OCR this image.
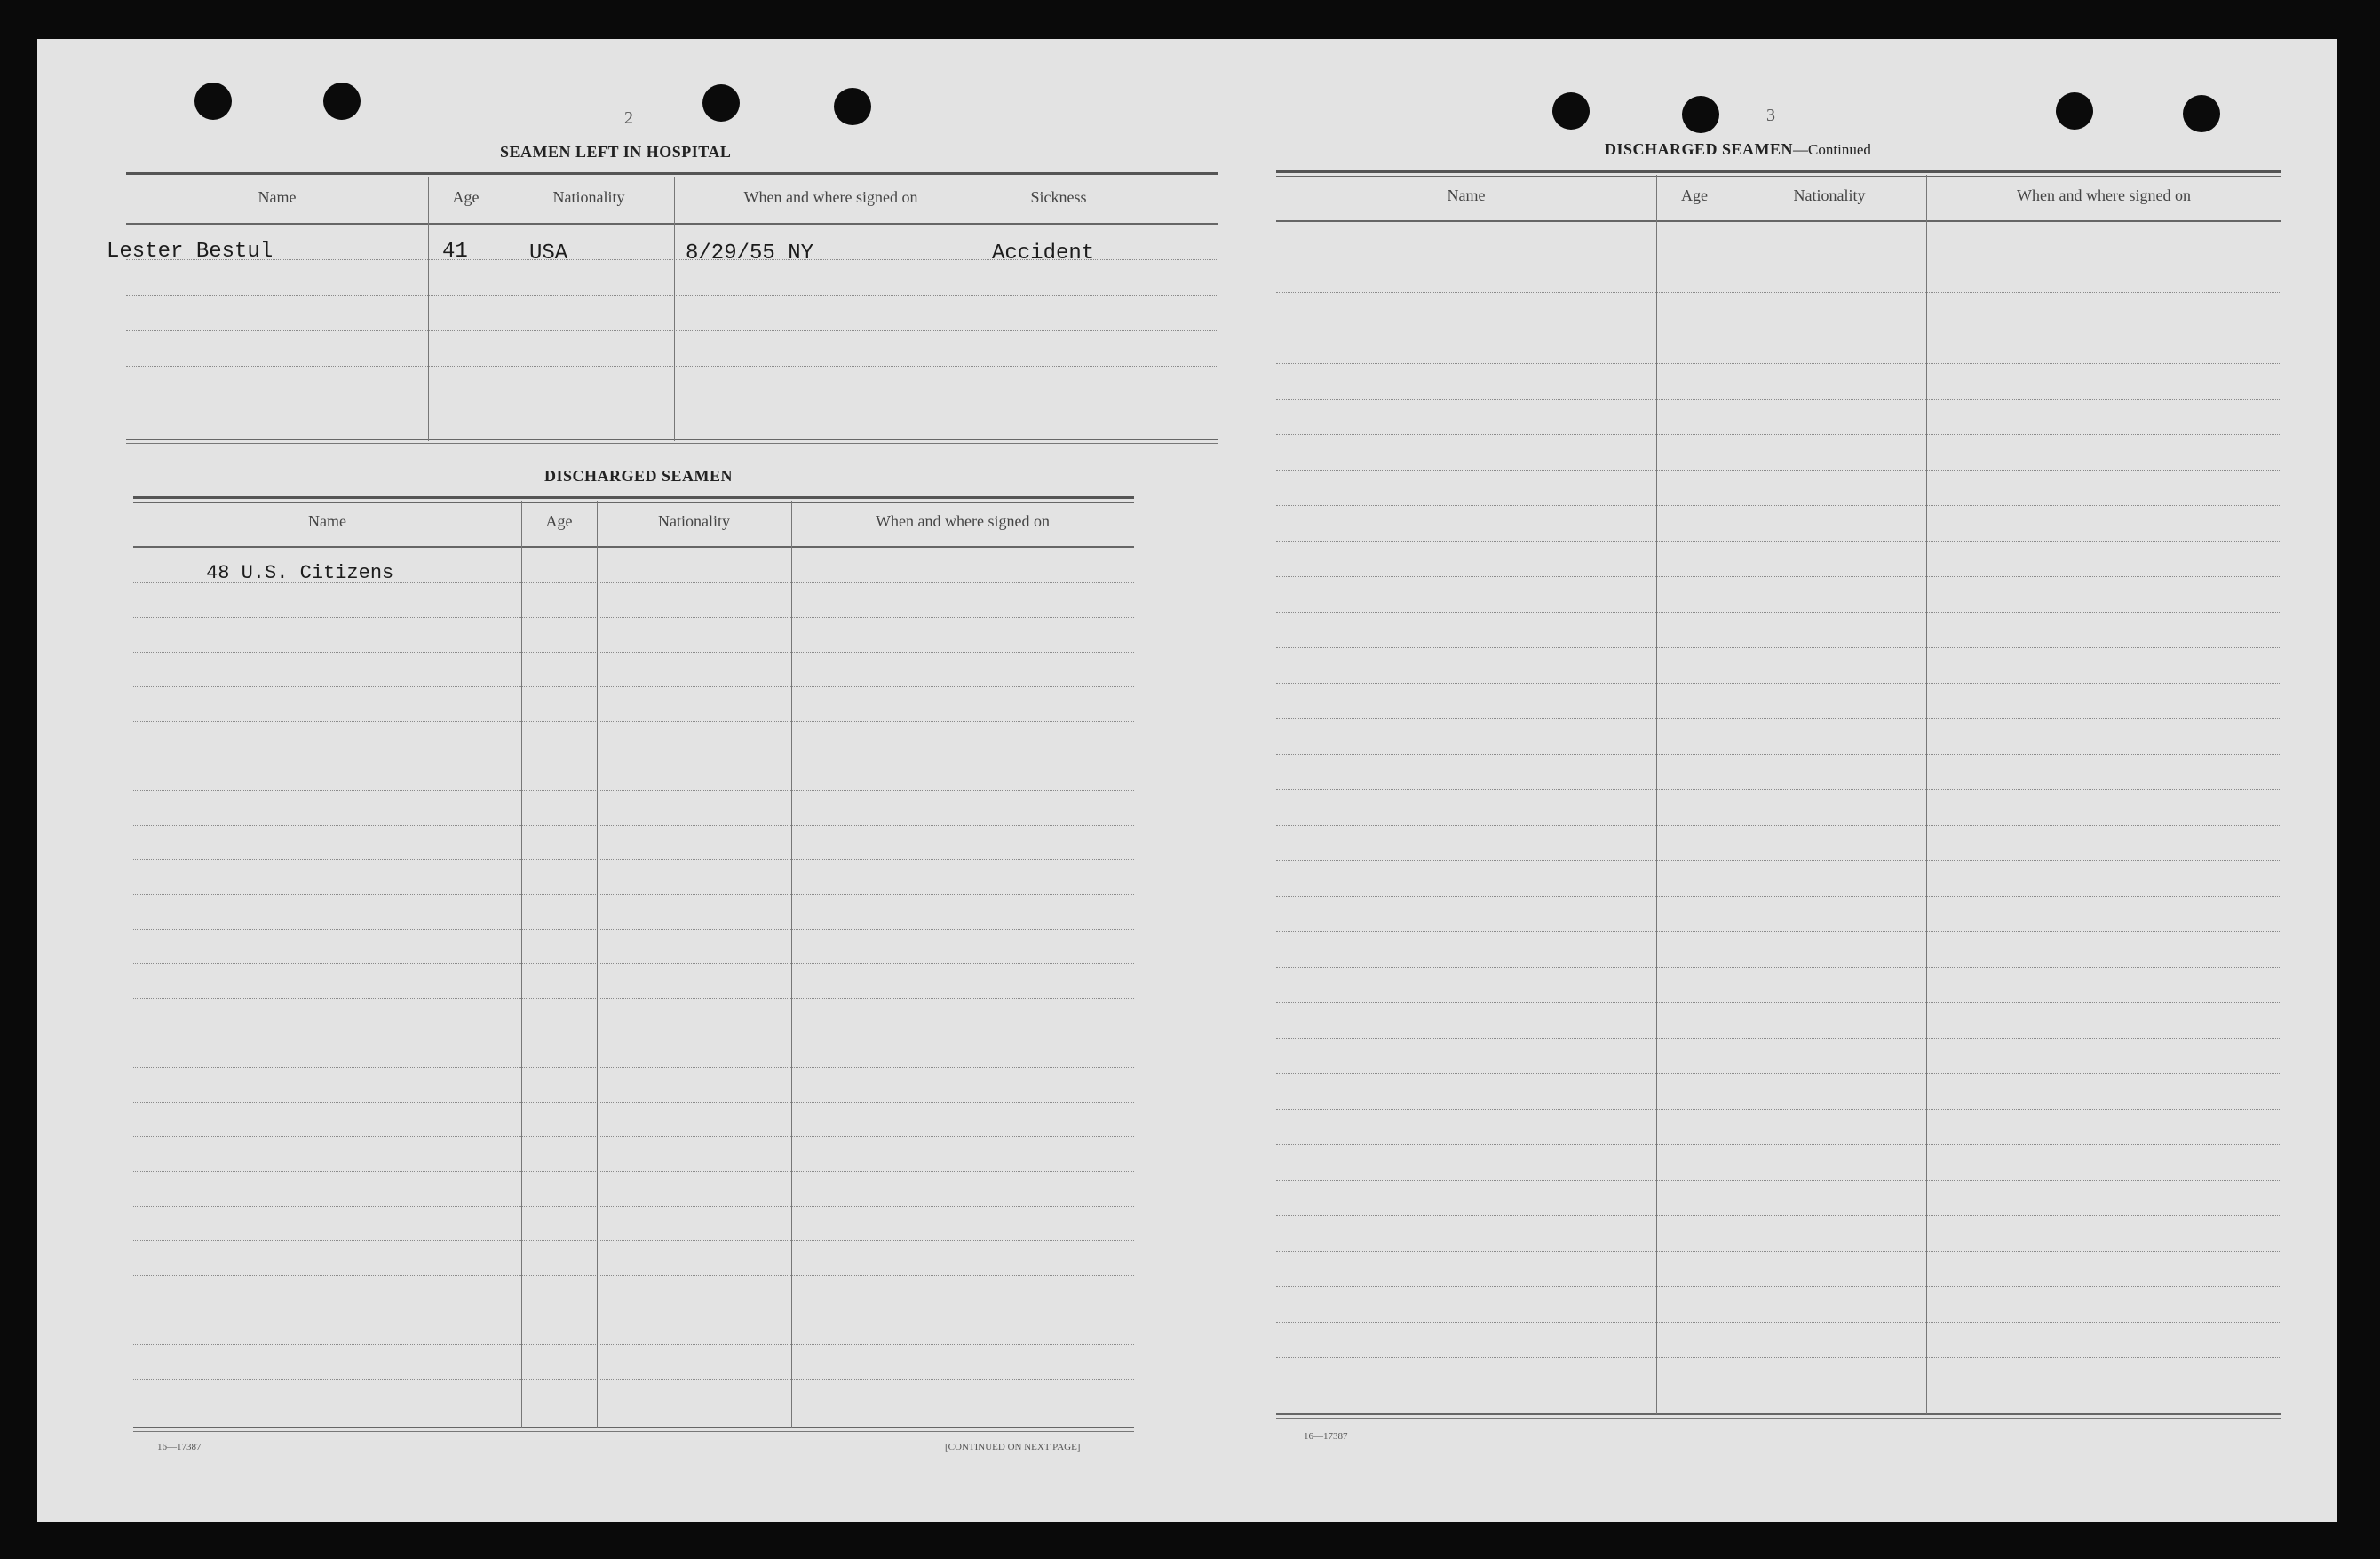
2
SEAMEN LEFT IN HOSPITAL
Name	Age	Nationality	When and where signed on	Sickness
Lester Bestul	41	USA	8/29/55 NY	Accident
DISCHARGED SEAMEN
Name	Age	Nationality	When and where signed on
48 U.S. Citizens
16—17387	[CONTINUED ON NEXT PAGE]
3
DISCHARGED SEAMEN—Continued
Name	Age	Nationality	When and where signed on
16—17387
